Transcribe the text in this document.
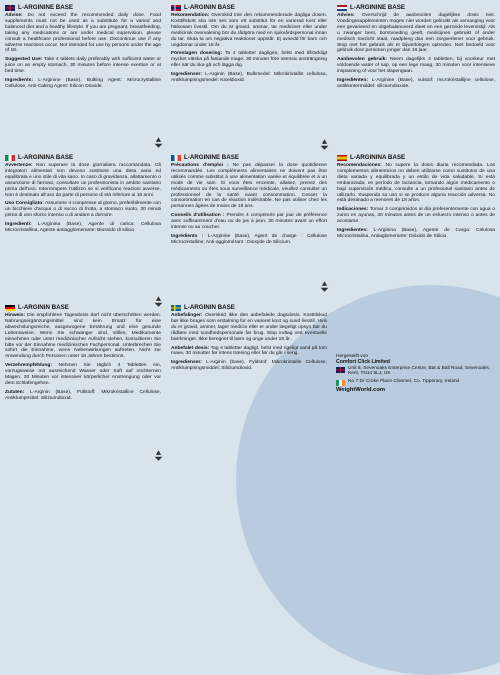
L-ARGININE BASE

Advise: Do not exceed the recommended daily dose. Food supplements must not be used as a substitute for a varied and balanced diet and a healthy lifestyle. If you are pregnant, breastfeeding, taking any medications or are under medical supervision, please consult a healthcare professional before use. Discontinue use if any adverse reactions occur. Not intended for use by persons under the age of 18.

Suggested Use: Take 4 tablets daily preferably with sufficient water or juice on an empty stomach, 30 minutes before intense exertion or at bed time.

Ingredients: L-Arginine (Base), Bulking Agent: Microcrystalline Cellulose, Anti-Caking Agent: Silicon Dioxide.

L-ARGININ BASE

Rekomendation: Overskrid inte den rekommenderade dagliga dosen. Kosttillskott ska inte ses som ett substitut för en varierad kost eller hälsosam livsstil. Om du är gravid, ammar, tar mediciner eller under medicinsk övervakning bör du rådgöra med en sjukvårdspersonal innan du tar. Sluta ta om negativa reaktioner uppstår. Ej avsedd för barn och ungdomar under 18 år.

Föreslagen dosering: Ta 4 tabletter dagligen, helst med tillräckligt mycket vätska på fastande mage, 30 minuter före intensiv ansträngning eller när du ska gå och lägga dig.

Ingredienser: L-Arginin (Base), Bulkmedel: Mikrokristallin cellulosa, Antiklumpningsmedel: Kiseldioxid.

L-ARGININE BASE

Advies: Overschrijd de aanbevolen dagelijkse dosis niet. Voedingssupplementen mogen niet worden gebruikt als vervanging voor een gevarieerd en uitgebalanceerd dieet en een gezonde levensstijl. Als u zwanger bent, borstvoeding geeft, medicijnen gebruikt of onder medisch toezicht staat, raadpleeg dan een zorgverlener voor gebruik. Stop met het gebruik als er bijwerkingen optreden. Niet bedoeld voor gebruik door personen jonger dan 18 jaar.

Aanbevolen gebruik: Neem dagelijks 4 tabletten, bij voorkeur met voldoende water of sap, op een lege maag, 30 minuten voor intensieve inspanning of voor het slapengaan.

Ingrediënten: L-Arginine (Base), vulstof: microkristallijne cellulose, antiklontermiddel: siliciumdioxide.

L-ARGININA BASE

Avvertenze: Non superare la dose giornaliera raccomandata. Gli integratori alimentari non devono sostituire una dieta varia ed equilibrata e uno stile di vita sano. In caso di gravidanza, allattamento o assunzione di farmaci, consultare un professionista in ambito sanitario prima dell'uso. Interrompere l'utilizzo se si verificano reazioni avverse. Non è destinato all'uso da parte di persone di età inferiore ai 18 anni.

Uso Consigliato: Assumere 4 compresse al giorno, preferibilmente con un bicchiere d'acqua o di succo di frutta, a stomaco vuoto, 30 minuti prima di uno sforzo intenso o di andare a dormire.

Ingredienti: L-Arginina (Base), Agente di carica: Cellulosa Microcristallina, Agente antiagglomerante: Biossido di silicio.

L-ARGININE BASE

Précautions d'emploi : Ne pas dépasser la dose quotidienne recommandée. Les compléments alimentaires ne doivent pas être utilisés comme substitut à une alimentation variée et équilibrée et à un mode de vie sain. Si vous êtes enceinte, allaitez, prenez des médicaments ou êtes sous surveillance médicale, veuillez consulter un professionnel de la santé avant consommation. Cesser la consommation en cas de réaction indésirable. Ne pas utiliser chez les personnes âgées de moins de 18 ans.

Conseils d'utilisation : Prendre 4 comprimés par jour de préférence avec suffisamment d'eau ou de jus à jeun, 30 minutes avant un effort intense ou au coucher.

Ingrédients : L-Arginine (Base), Agent de charge : Cellulose Microcristalline, Anti-agglomérant : Dioxyde de Silicium.

L-ARGININA BASE

Recomendaciones: No supere la dosis diaria recomendada. Los complementos alimenticios no deben utilizarse como sustitutos de una dieta variada y equilibrada y un estilo de vida saludable. Si está embarazada, en período de lactancia, tomando algún medicamento o bajo supervisión médica, consulte a un profesional sanitario antes de utilizarlo. Suspenda su uso si se produce alguna reacción adversa. No está destinado a menores de 18 años.

Indicaciones: Tomar 3 comprimidos al día preferentemente con agua o zumo en ayunas, 30 minutos antes de un esfuerzo intenso o antes de acostarse.

Ingredientes: L-Arginina (Base), Agente de Carga: Celulosa Microcristalina, Antiaglomerante: Dióxido de Silicio.

L-ARGININ BASE

Hinweis: Die empfohlene Tagesdosis darf nicht überschritten werden. Nahrungsergänzungsmittel sind kein Ersatz für eine abwechslungsreiche, ausgewogene Ernährung und eine gesunde Lebensweise. Wenn Sie schwanger sind, stillen, Medikamente einnehmen oder unter medizinischer Aufsicht stehen, konsultieren Sie bitte vor der Einnahme medizinisches Fachpersonal. Unterbrechen Sie sofort die Einnahme, wenn Nebenwirkungen auftreten. Nicht zur Anwendung durch Personen unter 18 Jahren bestimmt.

Verzehrempfehlung: Nehmen Sie täglich 4 Tabletten ein, vorzugsweise mit ausreichend Wasser oder Saft auf nüchternen Magen, 30 Minuten vor intensiver körperlicher Anstrengung oder vor dem Schlafengehen.

Zutaten: L-Arginin (Base), Füllstoff: Mikrokristalline Cellulose, Antiklumpmittel: Siliziumdioxid.

L-ARGININ BASE

Anbefalinger: Overskrid ikke den anbefalede dagsdosis. Kosttilskud bør ikke bruges som erstatning for en varieret kost og sund livsstil. Hvis du er gravid, ammer, tager medicin eller er under lægeligt opsyn bør du rådføre med sundhedspersonale før brug. Stop indtag ved eventuelle bivirkninger. Ikke beregnet til børn og unge under 18 år.

Anbefalet dosis: Tag 4 tabletter dagligt, helst med rigeligt vand på tom mave, 30 minutter før intens træning eller før du går i seng.

Ingredienser: L-Arginin (base), Fyldstof: Mikrokristallin Cellulose, Antiklumpningsmiddel: Siliciumdioxid.

Hergestellt von
Comfort Click Limited
Unit 8, Sevenoaks Enterprise Centre, Bat & Ball Road, Sevenoaks, Kent, TN14 5LJ, UK
No 7 Dr Croke Place Clonmel, Co. Tipperary, Ireland
WeightWorld.com
